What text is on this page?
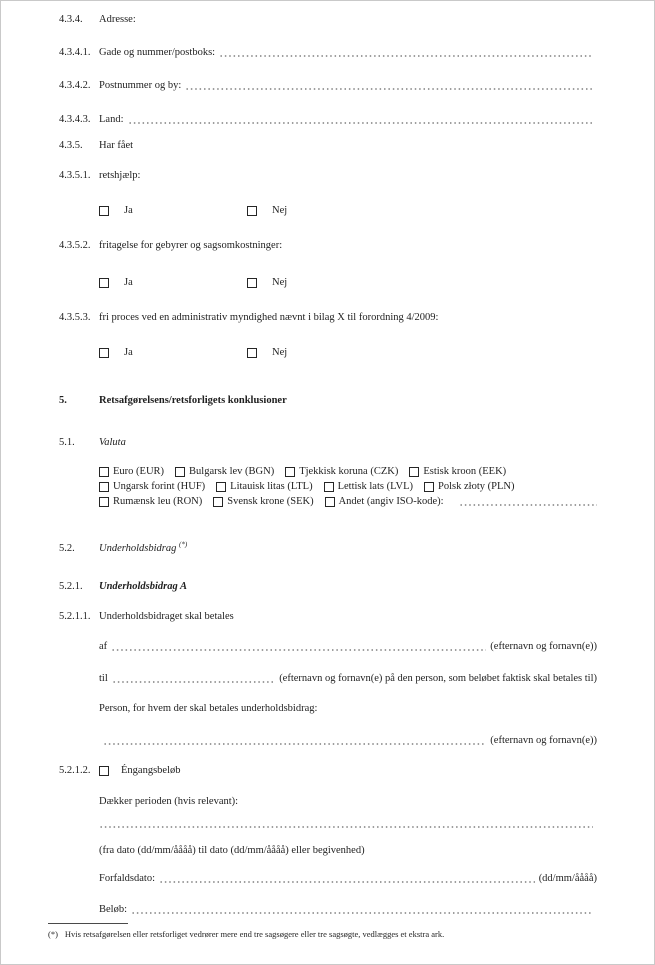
4.3.4.	Adresse:
4.3.4.1. Gade og nummer/postboks:
4.3.4.2. Postnummer og by:
4.3.4.3. Land:
4.3.5.	Har fået
4.3.5.1. retshjælp:
Ja	Nej
4.3.5.2. fritagelse for gebyrer og sagsomkostninger:
Ja	Nej
4.3.5.3. fri proces ved en administrativ myndighed nævnt i bilag X til forordning 4/2009:
Ja	Nej
5.	Retsafgørelsens/retsforligets konklusioner
5.1.	Valuta
Euro (EUR) Bulgarsk lev (BGN) Tjekkisk koruna (CZK) Estisk kroon (EEK)
Ungarsk forint (HUF) Litauisk litas (LTL) Lettisk lats (LVL) Polsk złoty (PLN)
Rumænsk leu (RON) Svensk krone (SEK) Andet (angiv ISO-kode):
5.2.	Underholdsbidrag (*)
5.2.1.	Underholdsbidrag A
5.2.1.1. Underholdsbidraget skal betales
af	(efternavn og fornavn(e))
til	(efternavn og fornavn(e) på den person, som beløbet faktisk skal betales til)
Person, for hvem der skal betales underholdsbidrag:
(efternavn og fornavn(e))
5.2.1.2.	Éngangsbeløb
Dækker perioden (hvis relevant):
(fra dato (dd/mm/åååå) til dato (dd/mm/åååå) eller begivenhed)
Forfaldsdato:	(dd/mm/åååå)
Beløb:
(*) Hvis retsafgørelsen eller retsforliget vedrører mere end tre sagsøgere eller tre sagsøgte, vedlægges et ekstra ark.
